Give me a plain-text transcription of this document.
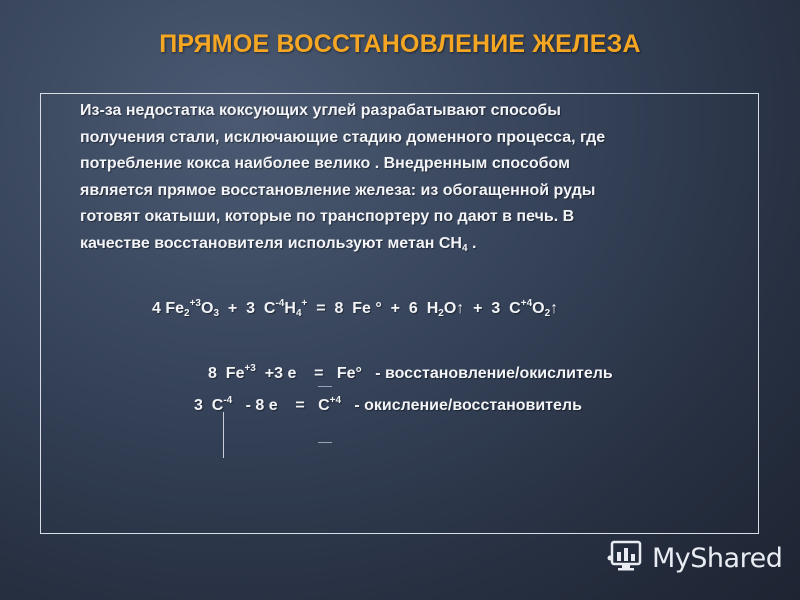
ПРЯМОЕ ВОССТАНОВЛЕНИЕ ЖЕЛЕЗА
Из-за недостатка коксующих углей разрабатывают способы
получения стали, исключающие стадию доменного процесса, где
потребление кокса наиболее велико . Внедренным способом
является прямое восстановление железа: из обогащенной руды
готовят окатыши, которые по транспортеру по дают в печь. В
качестве восстановителя используют метан $СН_4$ .
4 $Fe_2^{+3}O_3 + 3$  $C^{-4}H_4^+ = 8$  Fe °  +  6  $H_2O↑ + 3$  $C^{+4}O_2↑$
8  $Fe^{+3} +3$ e    =   Fe°   - восстановление/окислитель
3  $C^{-4} - 8$ e    =   $C^{+4}$   - окисление/восстановитель
MyShared
